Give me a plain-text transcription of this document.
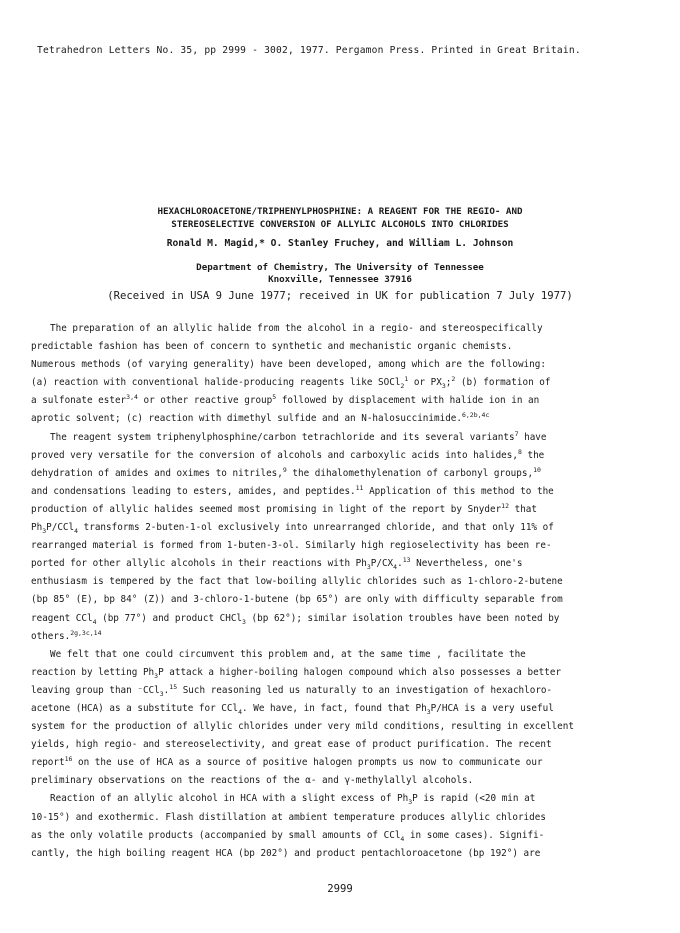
Tetrahedron Letters No. 35, pp 2999 - 3002, 1977. Pergamon Press. Printed in Great Britain.
HEXACHLOROACETONE/TRIPHENYLPHOSPHINE: A REAGENT FOR THE REGIO- AND
STEREOSELECTIVE CONVERSION OF ALLYLIC ALCOHOLS INTO CHLORIDES
Ronald M. Magid,* O. Stanley Fruchey, and William L. Johnson
Department of Chemistry, The University of Tennessee
Knoxville, Tennessee 37916
(Received in USA 9 June 1977; received in UK for publication 7 July 1977)
The preparation of an allylic halide from the alcohol in a regio- and stereospecifically
predictable fashion has been of concern to synthetic and mechanistic organic chemists.
Numerous methods (of varying generality) have been developed, among which are the following:
(a) reaction with conventional halide-producing reagents like SOCl$_2^1$ or $PX_3;^2$ (b) formation of
a sulfonate ester$^{3,4}$ or other reactive group$^5$ followed by displacement with halide ion in an
aprotic solvent; (c) reaction with dimethyl sulfide and an N-halosuccinimide.$^{6,2b,4c}$
The reagent system triphenylphosphine/carbon tetrachloride and its several variants$^7$ have
proved very versatile for the conversion of alcohols and carboxylic acids into halides,$^8$ the
dehydration of amides and oximes to nitriles,$^9$ the dihalomethylenation of carbonyl groups,$^{10}$
and condensations leading to esters, amides, and peptides.$^{11}$ Application of this method to the
production of allylic halides seemed most promising in light of the report by Snyder$^{12}$ that
$Ph_3P/CCl_4$ transforms 2-buten-1-ol exclusively into unrearranged chloride, and that only 11% of
rearranged material is formed from 1-buten-3-ol. Similarly high regioselectivity has been re-
ported for other allylic alcohols in their reactions with $Ph_3P/CX_4.^{13}$ Nevertheless, one's
enthusiasm is tempered by the fact that low-boiling allylic chlorides such as 1-chloro-2-butene
(bp 85° (E), bp 84° (Z)) and 3-chloro-1-butene (bp 65°) are only with difficulty separable from
reagent CCl$_4$ (bp 77°) and product CHCl$_3$ (bp 62°); similar isolation troubles have been noted by
others.$^{2g,3c,14}$
We felt that one could circumvent this problem and, at the same time , facilitate the
reaction by letting $Ph_3P$ attack a higher-boiling halogen compound which also possesses a better
leaving group than ⁻CCl$_3$.$^{15}$ Such reasoning led us naturally to an investigation of hexachloro-
acetone (HCA) as a substitute for CCl$_4$. We have, in fact, found that $Ph_3P$/HCA is a very useful
system for the production of allylic chlorides under very mild conditions, resulting in excellent
yields, high regio- and stereoselectivity, and great ease of product purification. The recent
report$^{16}$ on the use of HCA as a source of positive halogen prompts us now to communicate our
preliminary observations on the reactions of the α- and γ-methylallyl alcohols.
Reaction of an allylic alcohol in HCA with a slight excess of $Ph_3P$ is rapid (<20 min at
10-15°) and exothermic. Flash distillation at ambient temperature produces allylic chlorides
as the only volatile products (accompanied by small amounts of CCl$_4$ in some cases). Signifi-
cantly, the high boiling reagent HCA (bp 202°) and product pentachloroacetone (bp 192°) are
2999
